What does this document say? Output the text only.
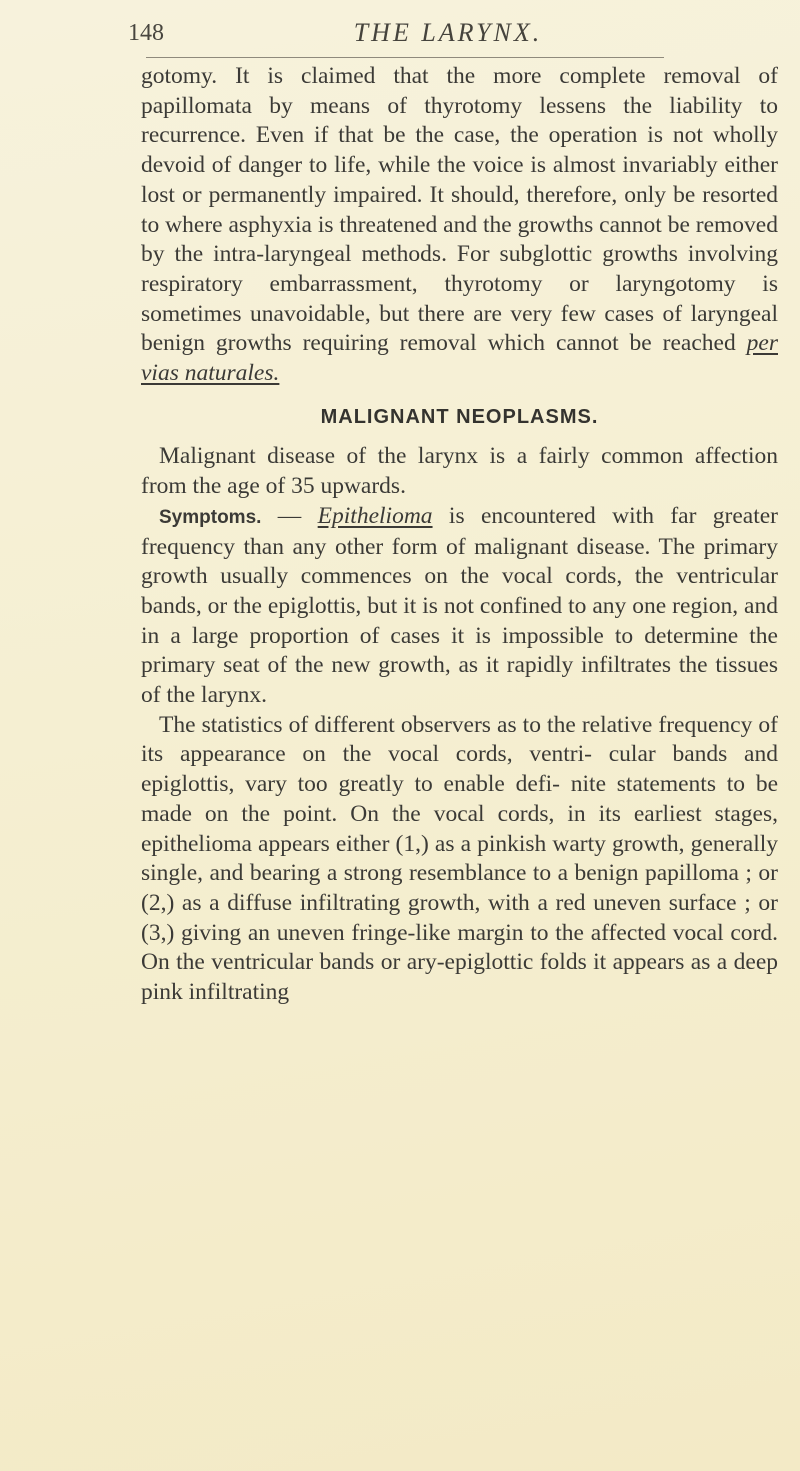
148	THE LARYNX.

gotomy. It is claimed that the more complete removal of papillomata by means of thyrotomy lessens the liability to recurrence. Even if that be the case, the operation is not wholly devoid of danger to life, while the voice is almost invariably either lost or permanently impaired. It should, therefore, only be resorted to where asphyxia is threatened and the growths cannot be removed by the intra-laryngeal methods. For subglottic growths involving respiratory embarrassment, thyrotomy or laryngotomy is sometimes unavoidable, but there are very few cases of laryngeal benign growths requiring removal which cannot be reached per vias naturales.

MALIGNANT NEOPLASMS.

Malignant disease of the larynx is a fairly common affection from the age of 35 upwards.

Symptoms. — Epithelioma is encountered with far greater frequency than any other form of malignant disease. The primary growth usually commences on the vocal cords, the ventricular bands, or the epiglottis, but it is not confined to any one region, and in a large proportion of cases it is impossible to determine the primary seat of the new growth, as it rapidly infiltrates the tissues of the larynx.

The statistics of different observers as to the relative frequency of its appearance on the vocal cords, ventri- cular bands and epiglottis, vary too greatly to enable defi- nite statements to be made on the point. On the vocal cords, in its earliest stages, epithelioma appears either (1,) as a pinkish warty growth, generally single, and bearing a strong resemblance to a benign papilloma ; or (2,) as a diffuse infiltrating growth, with a red uneven surface ; or (3,) giving an uneven fringe-like margin to the affected vocal cord. On the ventricular bands or ary-epiglottic folds it appears as a deep pink infiltrating
